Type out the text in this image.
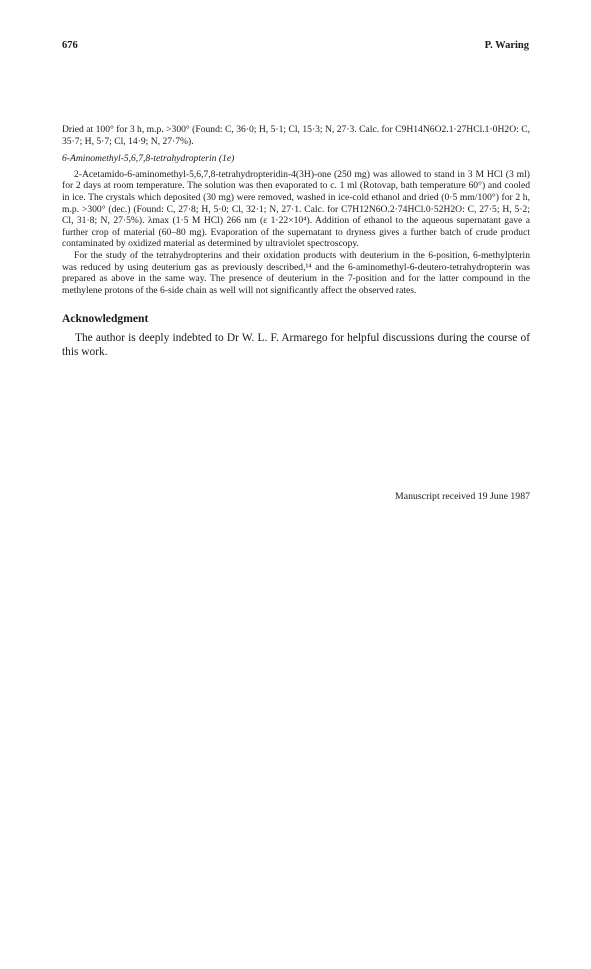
676	P. Waring

Dried at 100° for 3 h, m.p. >300° (Found: C, 36·0; H, 5·1; Cl, 15·3; N, 27·3. Calc. for C9H14N6O2.1·27HCl.1·0H2O: C, 35·7; H, 5·7; Cl, 14·9; N, 27·7%).

6-Aminomethyl-5,6,7,8-tetrahydropterin (1e)

2-Acetamido-6-aminomethyl-5,6,7,8-tetrahydropteridin-4(3H)-one (250 mg) was allowed to stand in 3 M HCl (3 ml) for 2 days at room temperature. The solution was then evaporated to c. 1 ml (Rotovap, bath temperature 60°) and cooled in ice. The crystals which deposited (30 mg) were removed, washed in ice-cold ethanol and dried (0·5 mm/100°) for 2 h, m.p. >300° (dec.) (Found: C, 27·8; H, 5·0; Cl, 32·1; N, 27·1. Calc. for C7H12N6O.2·74HCl.0·52H2O: C, 27·5; H, 5·2; Cl, 31·8; N, 27·5%). λmax (1·5 M HCl) 266 nm (ε 1·22×10⁴). Addition of ethanol to the aqueous supernatant gave a further crop of material (60–80 mg). Evaporation of the supernatant to dryness gives a further batch of crude product contaminated by oxidized material as determined by ultraviolet spectroscopy.

For the study of the tetrahydropterins and their oxidation products with deuterium in the 6-position, 6-methylpterin was reduced by using deuterium gas as previously described,¹⁴ and the 6-aminomethyl-6-deutero-tetrahydropterin was prepared as above in the same way. The presence of deuterium in the 7-position and for the latter compound in the methylene protons of the 6-side chain as well will not significantly affect the observed rates.

Acknowledgment

The author is deeply indebted to Dr W. L. F. Armarego for helpful discussions during the course of this work.

Manuscript received 19 June 1987
